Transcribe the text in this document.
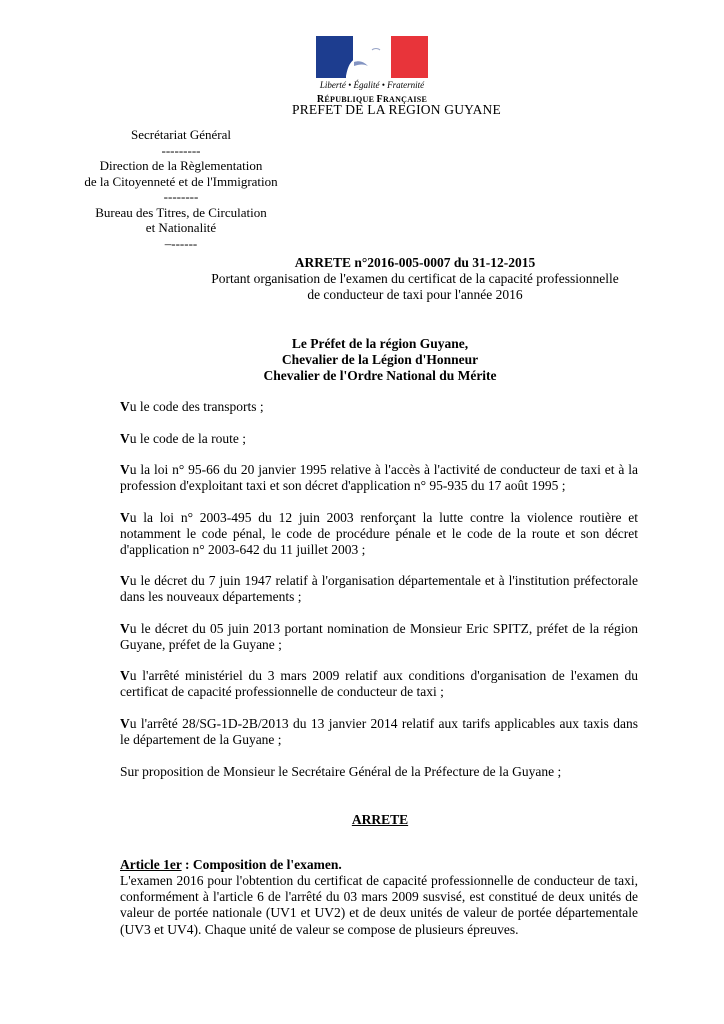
Liberté • Égalité • Fraternité
RÉPUBLIQUE FRANÇAISE
PREFET DE LA REGION GUYANE
Secrétariat Général
---------
Direction de la Règlementation
de la Citoyenneté et de l'Immigration
--------
Bureau des Titres, de Circulation
et Nationalité
–------
ARRETE n°2016-005-0007 du 31-12-2015
Portant organisation de l'examen du certificat de la capacité professionnelle
de conducteur de taxi pour l'année 2016
Le Préfet de la région Guyane,
Chevalier de la Légion d'Honneur
Chevalier de l'Ordre National du Mérite
Vu le code des transports ;
Vu le code de la route ;
Vu la loi n° 95-66 du 20 janvier 1995 relative à l'accès à l'activité de conducteur de taxi et à la profession d'exploitant taxi et son décret d'application n° 95-935 du 17 août 1995 ;
Vu la loi n° 2003-495 du 12 juin 2003 renforçant la lutte contre la violence routière et notamment le code pénal, le code de procédure pénale et le code de la route et son décret d'application n° 2003-642 du 11 juillet 2003 ;
Vu le décret du 7 juin 1947 relatif à l'organisation départementale et à l'institution préfectorale dans les nouveaux départements ;
Vu le décret du 05 juin 2013 portant nomination de Monsieur Eric SPITZ, préfet de la région Guyane, préfet de la Guyane ;
Vu l'arrêté ministériel du 3 mars 2009 relatif aux conditions d'organisation de l'examen du certificat de capacité professionnelle de conducteur de taxi ;
Vu l'arrêté 28/SG-1D-2B/2013 du 13 janvier 2014 relatif aux tarifs applicables aux taxis dans le département de la Guyane ;
Sur proposition de Monsieur le Secrétaire Général de la Préfecture de la Guyane ;
ARRETE
Article 1er : Composition de l'examen.
L'examen 2016 pour l'obtention du certificat de capacité professionnelle de conducteur de taxi, conformément à l'article 6 de l'arrêté du 03 mars 2009 susvisé, est constitué de deux unités de valeur de portée nationale (UV1 et UV2) et de deux unités de valeur de portée départementale (UV3 et UV4). Chaque unité de valeur se compose de plusieurs épreuves.
